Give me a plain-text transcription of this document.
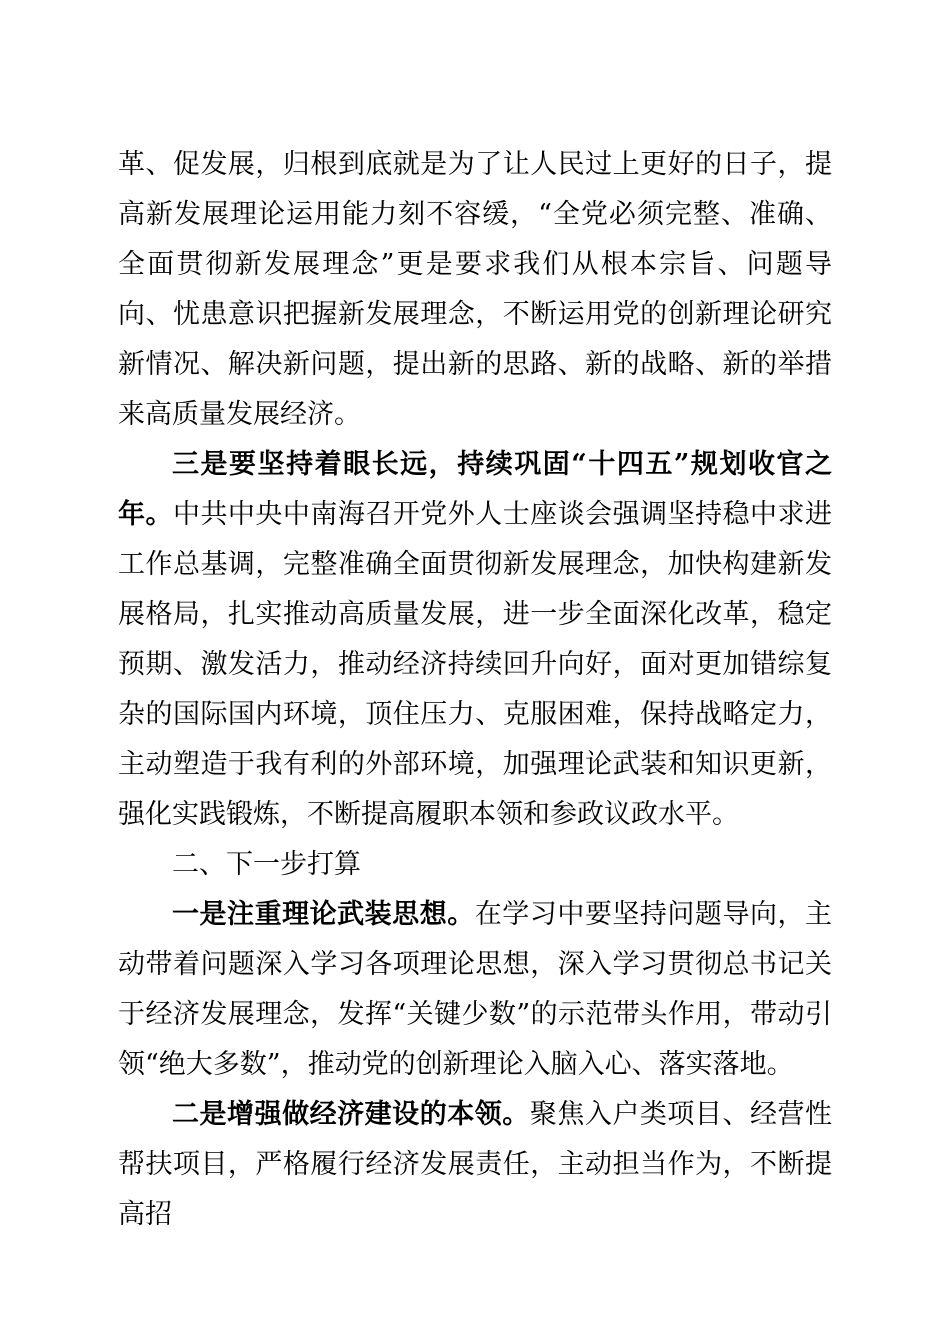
革、促发展，归根到底就是为了让人民过上更好的日子，提高新发展理论运用能力刻不容缓，“全党必须完整、准确、全面贯彻新发展理念”更是要求我们从根本宗旨、问题导向、忧患意识把握新发展理念，不断运用党的创新理论研究新情况、解决新问题，提出新的思路、新的战略、新的举措来高质量发展经济。

三是要坚持着眼长远，持续巩固“十四五”规划收官之年。中共中央中南海召开党外人士座谈会强调坚持稳中求进工作总基调，完整准确全面贯彻新发展理念，加快构建新发展格局，扎实推动高质量发展，进一步全面深化改革，稳定预期、激发活力，推动经济持续回升向好，面对更加错综复杂的国际国内环境，顶住压力、克服困难，保持战略定力，主动塑造于我有利的外部环境，加强理论武装和知识更新，强化实践锻炼，不断提高履职本领和参政议政水平。

二、下一步打算

一是注重理论武装思想。在学习中要坚持问题导向，主动带着问题深入学习各项理论思想，深入学习贯彻总书记关于经济发展理念，发挥“关键少数”的示范带头作用，带动引领“绝大多数”，推动党的创新理论入脑入心、落实落地。

二是增强做经济建设的本领。聚焦入户类项目、经营性帮扶项目，严格履行经济发展责任，主动担当作为，不断提高招
